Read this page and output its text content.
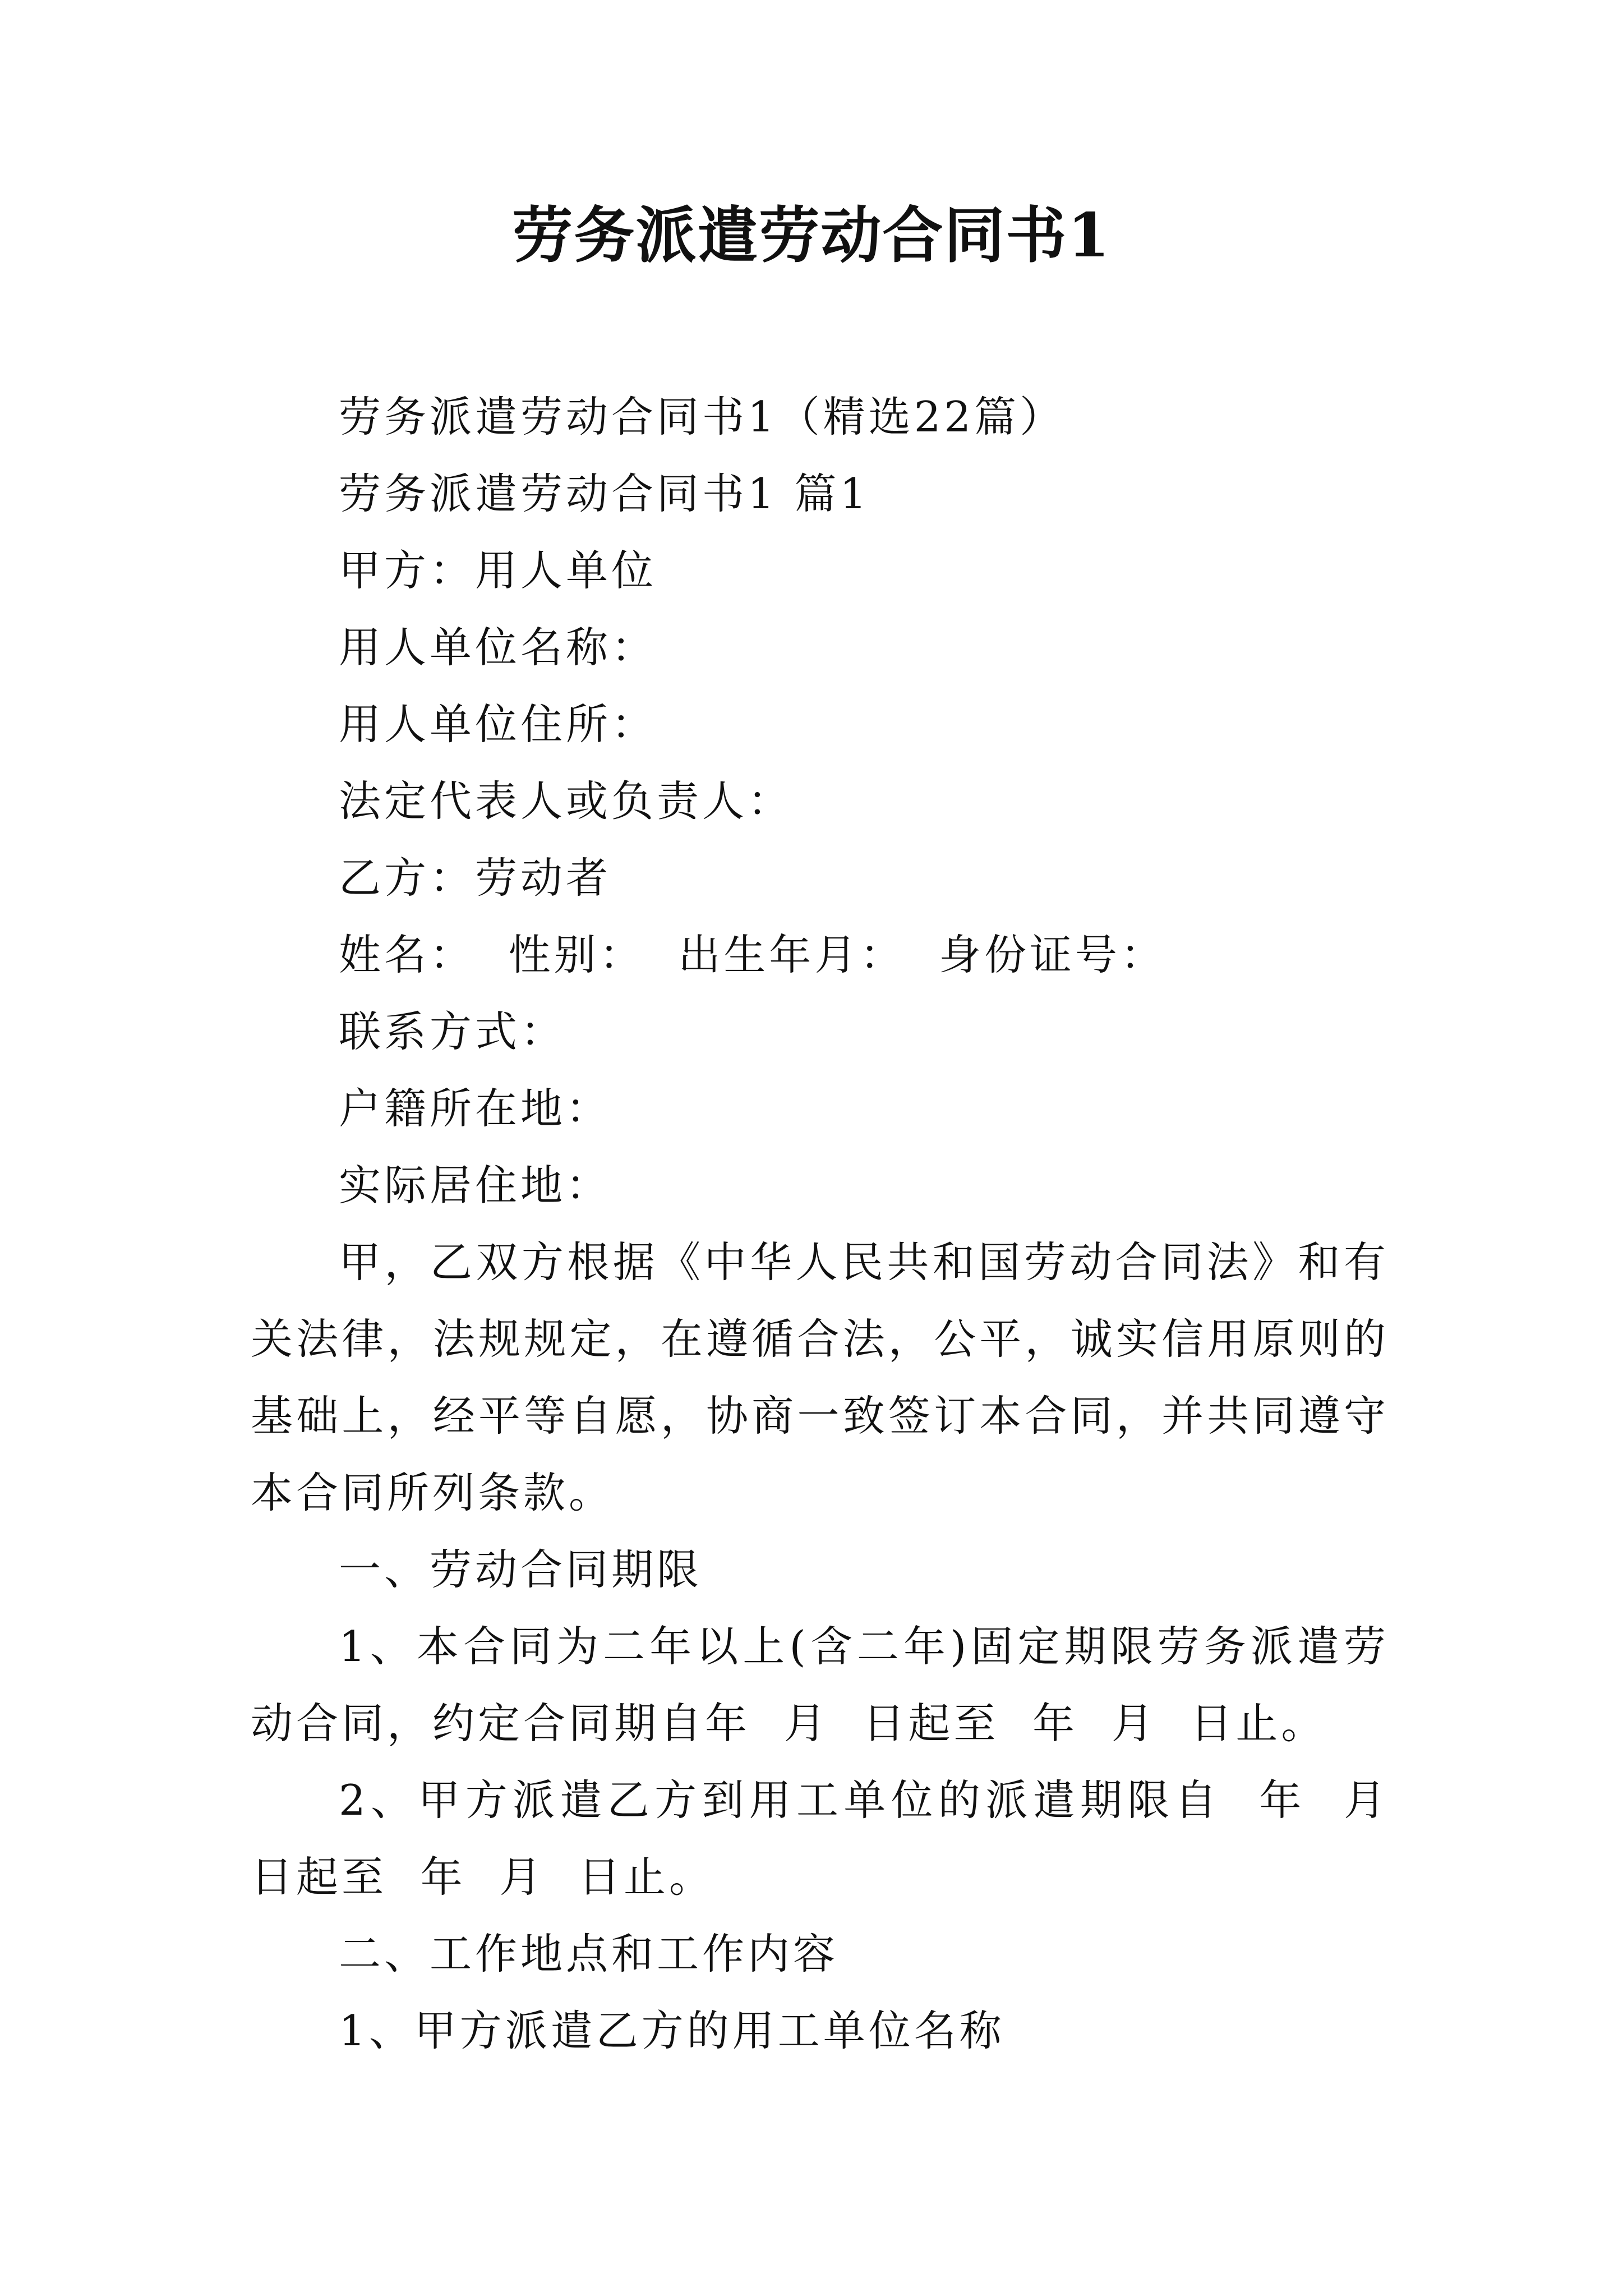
劳务派遣劳动合同书1
劳务派遣劳动合同书1（精选22篇）
劳务派遣劳动合同书1 篇1
甲方：用人单位
用人单位名称：
用人单位住所：
法定代表人或负责人：
乙方：劳动者
姓名：  性别：  出生年月：  身份证号：
联系方式：
户籍所在地：
实际居住地：
甲，乙双方根据《中华人民共和国劳动合同法》和有关法律，法规规定，在遵循合法，公平，诚实信用原则的基础上，经平等自愿，协商一致签订本合同，并共同遵守本合同所列条款。
一、劳动合同期限
1、本合同为二年以上(含二年)固定期限劳务派遣劳动合同，约定合同期自年  月  日起至  年  月  日止。
2、甲方派遣乙方到用工单位的派遣期限自  年  月  日起至  年  月  日止。
二、工作地点和工作内容
1、甲方派遣乙方的用工单位名称
